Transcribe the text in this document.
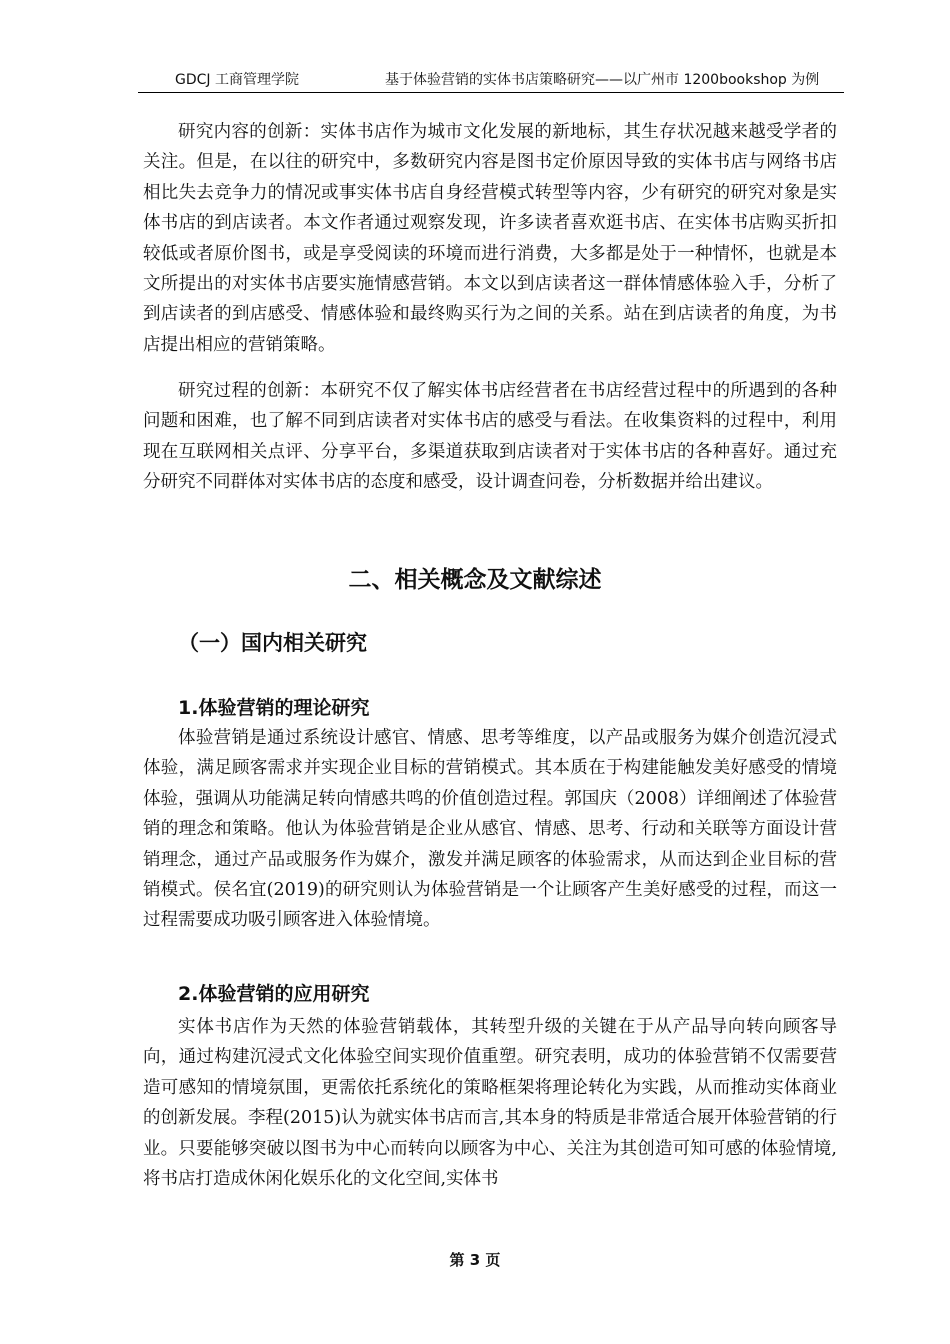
GDCJ 工商管理学院	基于体验营销的实体书店策略研究——以广州市 1200bookshop 为例

研究内容的创新：实体书店作为城市文化发展的新地标，其生存状况越来越受学者的关注。但是，在以往的研究中，多数研究内容是图书定价原因导致的实体书店与网络书店相比失去竞争力的情况或事实体书店自身经营模式转型等内容，少有研究的研究对象是实体书店的到店读者。本文作者通过观察发现，许多读者喜欢逛书店、在实体书店购买折扣较低或者原价图书，或是享受阅读的环境而进行消费，大多都是处于一种情怀，也就是本文所提出的对实体书店要实施情感营销。本文以到店读者这一群体情感体验入手，分析了到店读者的到店感受、情感体验和最终购买行为之间的关系。站在到店读者的角度，为书店提出相应的营销策略。

研究过程的创新：本研究不仅了解实体书店经营者在书店经营过程中的所遇到的各种问题和困难，也了解不同到店读者对实体书店的感受与看法。在收集资料的过程中，利用现在互联网相关点评、分享平台，多渠道获取到店读者对于实体书店的各种喜好。通过充分研究不同群体对实体书店的态度和感受，设计调查问卷，分析数据并给出建议。

二、相关概念及文献综述
（一）国内相关研究
1.体验营销的理论研究

体验营销是通过系统设计感官、情感、思考等维度，以产品或服务为媒介创造沉浸式体验，满足顾客需求并实现企业目标的营销模式。其本质在于构建能触发美好感受的情境体验，强调从功能满足转向情感共鸣的价值创造过程。郭国庆（2008）详细阐述了体验营销的理念和策略。他认为体验营销是企业从感官、情感、思考、行动和关联等方面设计营销理念，通过产品或服务作为媒介，激发并满足顾客的体验需求，从而达到企业目标的营销模式。侯名宜(2019)的研究则认为体验营销是一个让顾客产生美好感受的过程，而这一过程需要成功吸引顾客进入体验情境。

2.体验营销的应用研究

实体书店作为天然的体验营销载体，其转型升级的关键在于从产品导向转向顾客导向，通过构建沉浸式文化体验空间实现价值重塑。研究表明，成功的体验营销不仅需要营造可感知的情境氛围，更需依托系统化的策略框架将理论转化为实践，从而推动实体商业的创新发展。李程(2015)认为就实体书店而言,其本身的特质是非常适合展开体验营销的行业。只要能够突破以图书为中心而转向以顾客为中心、关注为其创造可知可感的体验情境,将书店打造成休闲化娱乐化的文化空间,实体书

第 3 页
